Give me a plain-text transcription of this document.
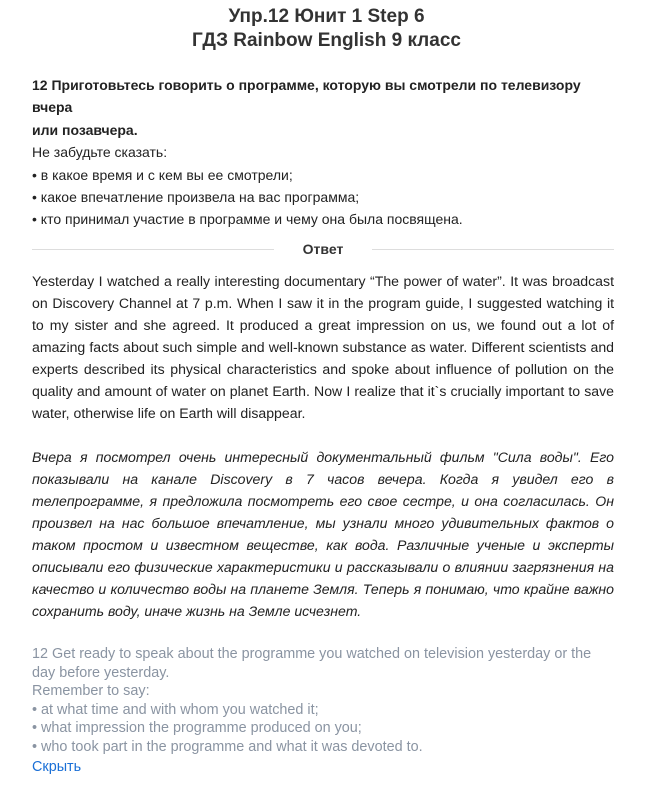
Упр.12 Юнит 1 Step 6
ГДЗ Rainbow English 9 класс
12 Приготовьтесь говорить о программе, которую вы смотрели по телевизору вчера
или позавчера.
Не забудьте сказать:
• в какое время и с кем вы ее смотрели;
• какое впечатление произвела на вас программа;
• кто принимал участие в программе и чему она была посвящена.
Ответ
Yesterday I watched a really interesting documentary “The power of water”. It was broadcast on Discovery Channel at 7 p.m. When I saw it in the program guide, I suggested watching it to my sister and she agreed. It produced a great impression on us, we found out a lot of amazing facts about such simple and well-known substance as water. Different scientists and experts described its physical characteristics and spoke about influence of pollution on the quality and amount of water on planet Earth. Now I realize that it`s crucially important to save water, otherwise life on Earth will disappear.
Вчера я посмотрел очень интересный документальный фильм "Сила воды". Его показывали на канале Discovery в 7 часов вечера. Когда я увидел его в телепрограмме, я предложила посмотреть его свое сестре, и она согласилась. Он произвел на нас большое впечатление, мы узнали много удивительных фактов о таком простом и известном веществе, как вода. Различные ученые и эксперты описывали его физические характеристики и рассказывали о влиянии загрязнения на качество и количество воды на планете Земля. Теперь я понимаю, что крайне важно сохранить воду, иначе жизнь на Земле исчезнет.
12 Get ready to speak about the programme you watched on television yesterday or the
day before yesterday.
Remember to say:
• at what time and with whom you watched it;
• what impression the programme produced on you;
• who took part in the programme and what it was devoted to.
Скрыть
